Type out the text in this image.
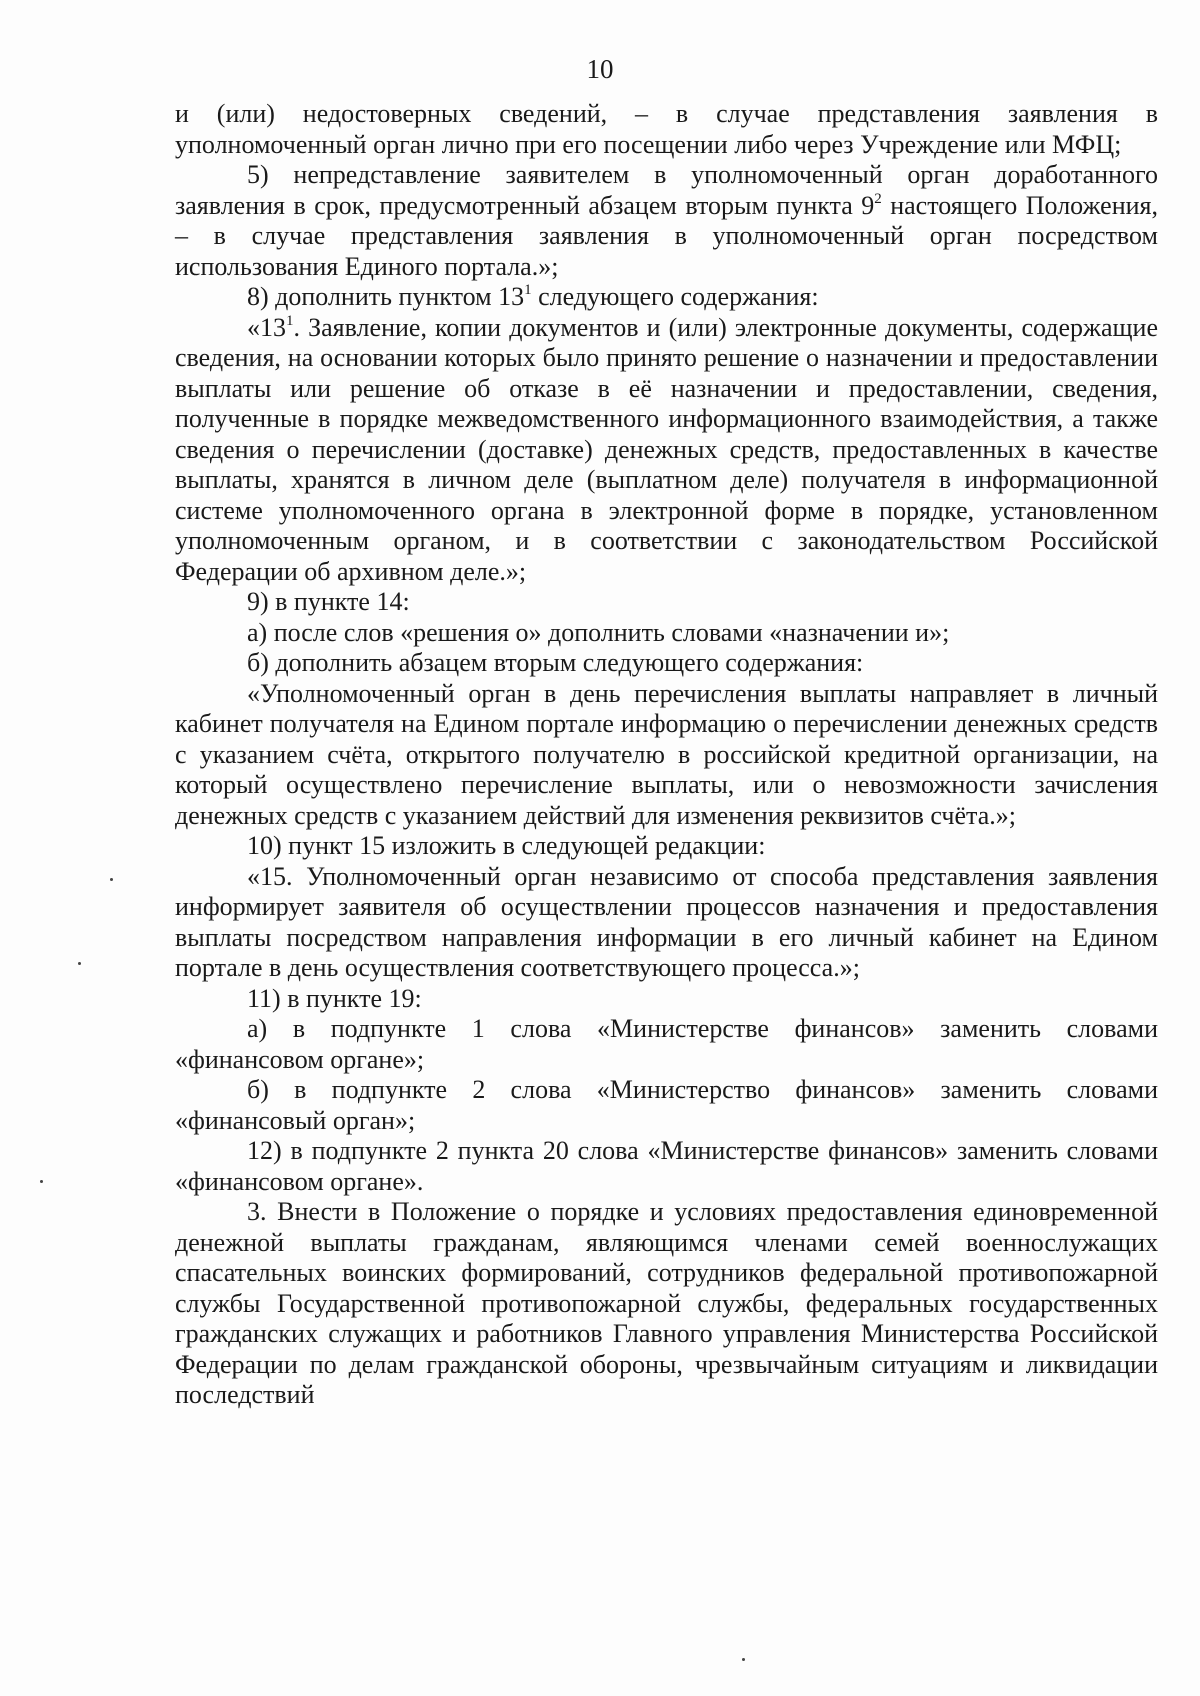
10

и (или) недостоверных сведений, – в случае представления заявления в уполномоченный орган лично при его посещении либо через Учреждение или МФЦ;

5) непредставление заявителем в уполномоченный орган доработанного заявления в срок, предусмотренный абзацем вторым пункта $9^2$ настоящего Положения, – в случае представления заявления в уполномоченный орган посредством использования Единого портала.»;

8) дополнить пунктом $13^1$ следующего содержания:

«$13^1$. Заявление, копии документов и (или) электронные документы, содержащие сведения, на основании которых было принято решение о назначении и предоставлении выплаты или решение об отказе в её назначении и предоставлении, сведения, полученные в порядке межведомственного информационного взаимодействия, а также сведения о перечислении (доставке) денежных средств, предоставленных в качестве выплаты, хранятся в личном деле (выплатном деле) получателя в информационной системе уполномоченного органа в электронной форме в порядке, установленном уполномоченным органом, и в соответствии с законодательством Российской Федерации об архивном деле.»;

9) в пункте 14:

а) после слов «решения о» дополнить словами «назначении и»;

б) дополнить абзацем вторым следующего содержания:

«Уполномоченный орган в день перечисления выплаты направляет в личный кабинет получателя на Едином портале информацию о перечислении денежных средств с указанием счёта, открытого получателю в российской кредитной организации, на который осуществлено перечисление выплаты, или о невозможности зачисления денежных средств с указанием действий для изменения реквизитов счёта.»;

10) пункт 15 изложить в следующей редакции:

«15. Уполномоченный орган независимо от способа представления заявления информирует заявителя об осуществлении процессов назначения и предоставления выплаты посредством направления информации в его личный кабинет на Едином портале в день осуществления соответствующего процесса.»;

11) в пункте 19:

а) в подпункте 1 слова «Министерстве финансов» заменить словами «финансовом органе»;

б) в подпункте 2 слова «Министерство финансов» заменить словами «финансовый орган»;

12) в подпункте 2 пункта 20 слова «Министерстве финансов» заменить словами «финансовом органе».

3. Внести в Положение о порядке и условиях предоставления единовременной денежной выплаты гражданам, являющимся членами семей военнослужащих спасательных воинских формирований, сотрудников федеральной противопожарной службы Государственной противопожарной службы, федеральных государственных гражданских служащих и работников Главного управления Министерства Российской Федерации по делам гражданской обороны, чрезвычайным ситуациям и ликвидации последствий
